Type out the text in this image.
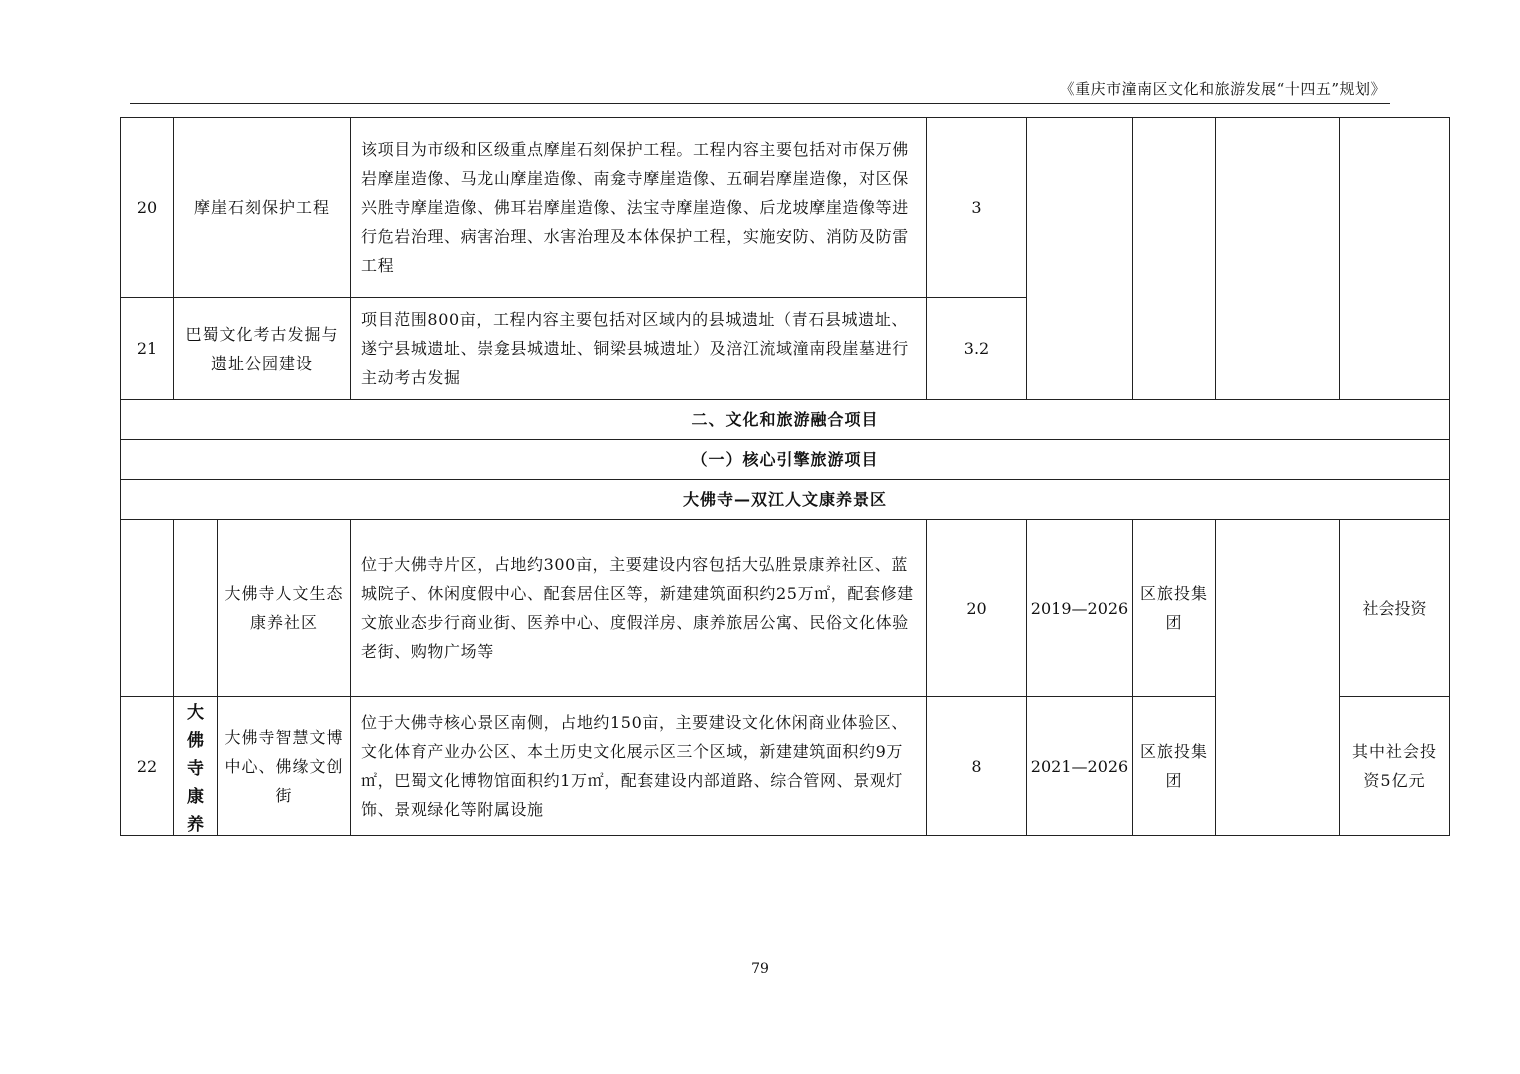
《重庆市潼南区文化和旅游发展“十四五”规划》
20	摩崖石刻保护工程		该项目为市级和区级重点摩崖石刻保护工程。工程内容主要包括对市保万佛岩摩崖造像、马龙山摩崖造像、南龛寺摩崖造像、五硐岩摩崖造像，对区保兴胜寺摩崖造像、佛耳岩摩崖造像、法宝寺摩崖造像、后龙坡摩崖造像等进行危岩治理、病害治理、水害治理及本体保护工程，实施安防、消防及防雷工程	3				
21	巴蜀文化考古发掘与遗址公园建设		项目范围800亩，工程内容主要包括对区域内的县城遗址（青石县城遗址、遂宁县城遗址、崇龛县城遗址、铜梁县城遗址）及涪江流域潼南段崖墓进行主动考古发掘	3.2				
二、文化和旅游融合项目								
（一）核心引擎旅游项目								
大佛寺—双江人文康养景区								
		大佛寺人文生态康养社区	位于大佛寺片区，占地约300亩，主要建设内容包括大弘胜景康养社区、蓝城院子、休闲度假中心、配套居住区等，新建建筑面积约25万㎡，配套修建文旅业态步行商业街、医养中心、度假洋房、康养旅居公寓、民俗文化体验老街、购物广场等	20	2019—2026	区旅投集团		社会投资
22	大佛寺康养	大佛寺智慧文博中心、佛缘文创街	位于大佛寺核心景区南侧，占地约150亩，主要建设文化休闲商业体验区、文化体育产业办公区、本土历史文化展示区三个区域，新建建筑面积约9万㎡，巴蜀文化博物馆面积约1万㎡，配套建设内部道路、综合管网、景观灯饰、景观绿化等附属设施	8	2021—2026	区旅投集团		其中社会投资5亿元
79
